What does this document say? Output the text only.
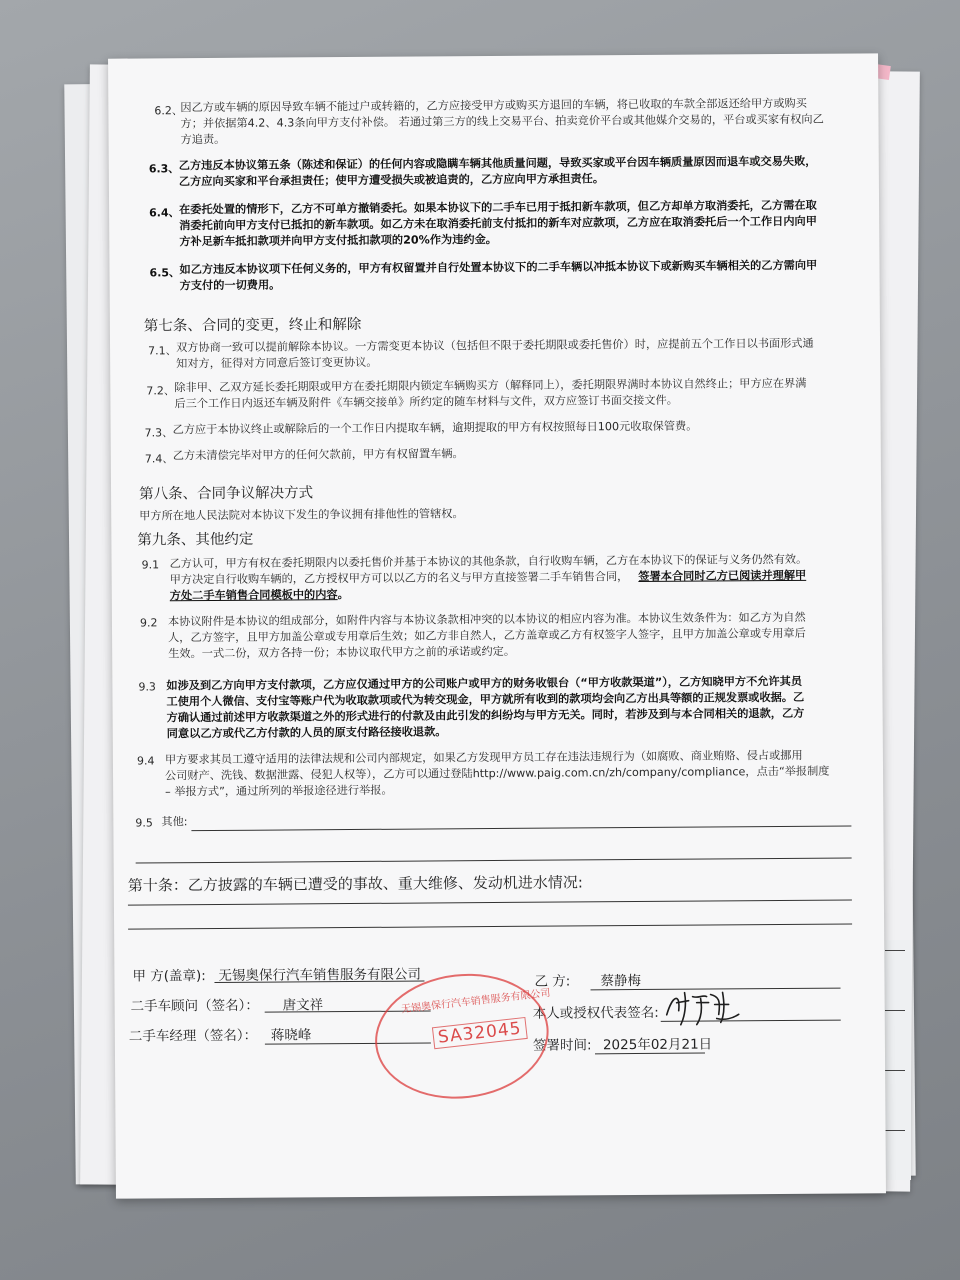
6.2、
因乙方或车辆的原因导致车辆不能过户或转籍的，乙方应接受甲方或购买方退回的车辆，将已收取的车款全部返还给甲方或购买
方；并依据第4.2、4.3条向甲方支付补偿。 若通过第三方的线上交易平台、拍卖竞价平台或其他媒介交易的，平台或买家有权向乙
方追责。
6.3、 乙方违反本协议第五条（陈述和保证）的任何内容或隐瞒车辆其他质量问题，导致买家或平台因车辆质量原因而退车或交易失败，
乙方应向买家和平台承担责任；使甲方遭受损失或被追责的，乙方应向甲方承担责任。
6.4、 在委托处置的情形下，乙方不可单方撤销委托。如果本协议下的二手车已用于抵扣新车款项，但乙方却单方取消委托，乙方需在取
消委托前向甲方支付已抵扣的新车款项。如乙方未在取消委托前支付抵扣的新车对应款项，乙方应在取消委托后一个工作日内向甲
方补足新车抵扣款项并向甲方支付抵扣款项的20%作为违约金。
6.5、 如乙方违反本协议项下任何义务的，甲方有权留置并自行处置本协议下的二手车辆以冲抵本协议下或新购买车辆相关的乙方需向甲
方支付的一切费用。
第七条、合同的变更，终止和解除
7.1、 双方协商一致可以提前解除本协议。一方需变更本协议（包括但不限于委托期限或委托售价）时，应提前五个工作日以书面形式通
知对方，征得对方同意后签订变更协议。
7.2、 除非甲、乙双方延长委托期限或甲方在委托期限内锁定车辆购买方（解释同上），委托期限界满时本协议自然终止；甲方应在界满
后三个工作日内返还车辆及附件《车辆交接单》所约定的随车材料与文件，双方应签订书面交接文件。
7.3、 乙方应于本协议终止或解除后的一个工作日内提取车辆，逾期提取的甲方有权按照每日100元收取保管费。
7.4、 乙方未清偿完毕对甲方的任何欠款前，甲方有权留置车辆。
第八条、合同争议解决方式
甲方所在地人民法院对本协议下发生的争议拥有排他性的管辖权。
第九条、其他约定
9.1 乙方认可，甲方有权在委托期限内以委托售价并基于本协议的其他条款，自行收购车辆，乙方在本协议下的保证与义务仍然有效。
甲方决定自行收购车辆的，乙方授权甲方可以以乙方的名义与甲方直接签署二手车销售合同， 签署本合同时乙方已阅读并理解甲
方处二手车销售合同模板中的内容。
9.2 本协议附件是本协议的组成部分，如附件内容与本协议条款相冲突的以本协议的相应内容为准。本协议生效条件为：如乙方为自然
人，乙方签字，且甲方加盖公章或专用章后生效；如乙方非自然人，乙方盖章或乙方有权签字人签字，且甲方加盖公章或专用章后
生效。一式二份，双方各持一份；本协议取代甲方之前的承诺或约定。
9.3 如涉及到乙方向甲方支付款项，乙方应仅通过甲方的公司账户或甲方的财务收银台（“甲方收款渠道”），乙方知晓甲方不允许其员
工使用个人微信、支付宝等账户代为收取款项或代为转交现金，甲方就所有收到的款项均会向乙方出具等额的正规发票或收据。乙
方确认通过前述甲方收款渠道之外的形式进行的付款及由此引发的纠纷均与甲方无关。同时，若涉及到与本合同相关的退款，乙方
同意以乙方或代乙方付款的人员的原支付路径接收退款。
9.4 甲方要求其员工遵守适用的法律法规和公司内部规定，如果乙方发现甲方员工存在违法违规行为（如腐败、商业贿赂、侵占或挪用
公司财产、洗钱、数据泄露、侵犯人权等），乙方可以通过登陆http://www.paig.com.cn/zh/company/compliance，点击“举报制度
– 举报方式”，通过所列的举报途径进行举报。
9.5 其他:
第十条：乙方披露的车辆已遭受的事故、重大维修、发动机进水情况:
甲 方(盖章): 无锡奥保行汽车销售服务有限公司
二手车顾问（签名）： 唐文祥
二手车经理（签名）： 蒋晓峰
乙 方: 蔡静梅
本人或授权代表签名:
签署时间: 2025年02月21日
无锡奥保行汽车销售服务有限公司
SA32045
